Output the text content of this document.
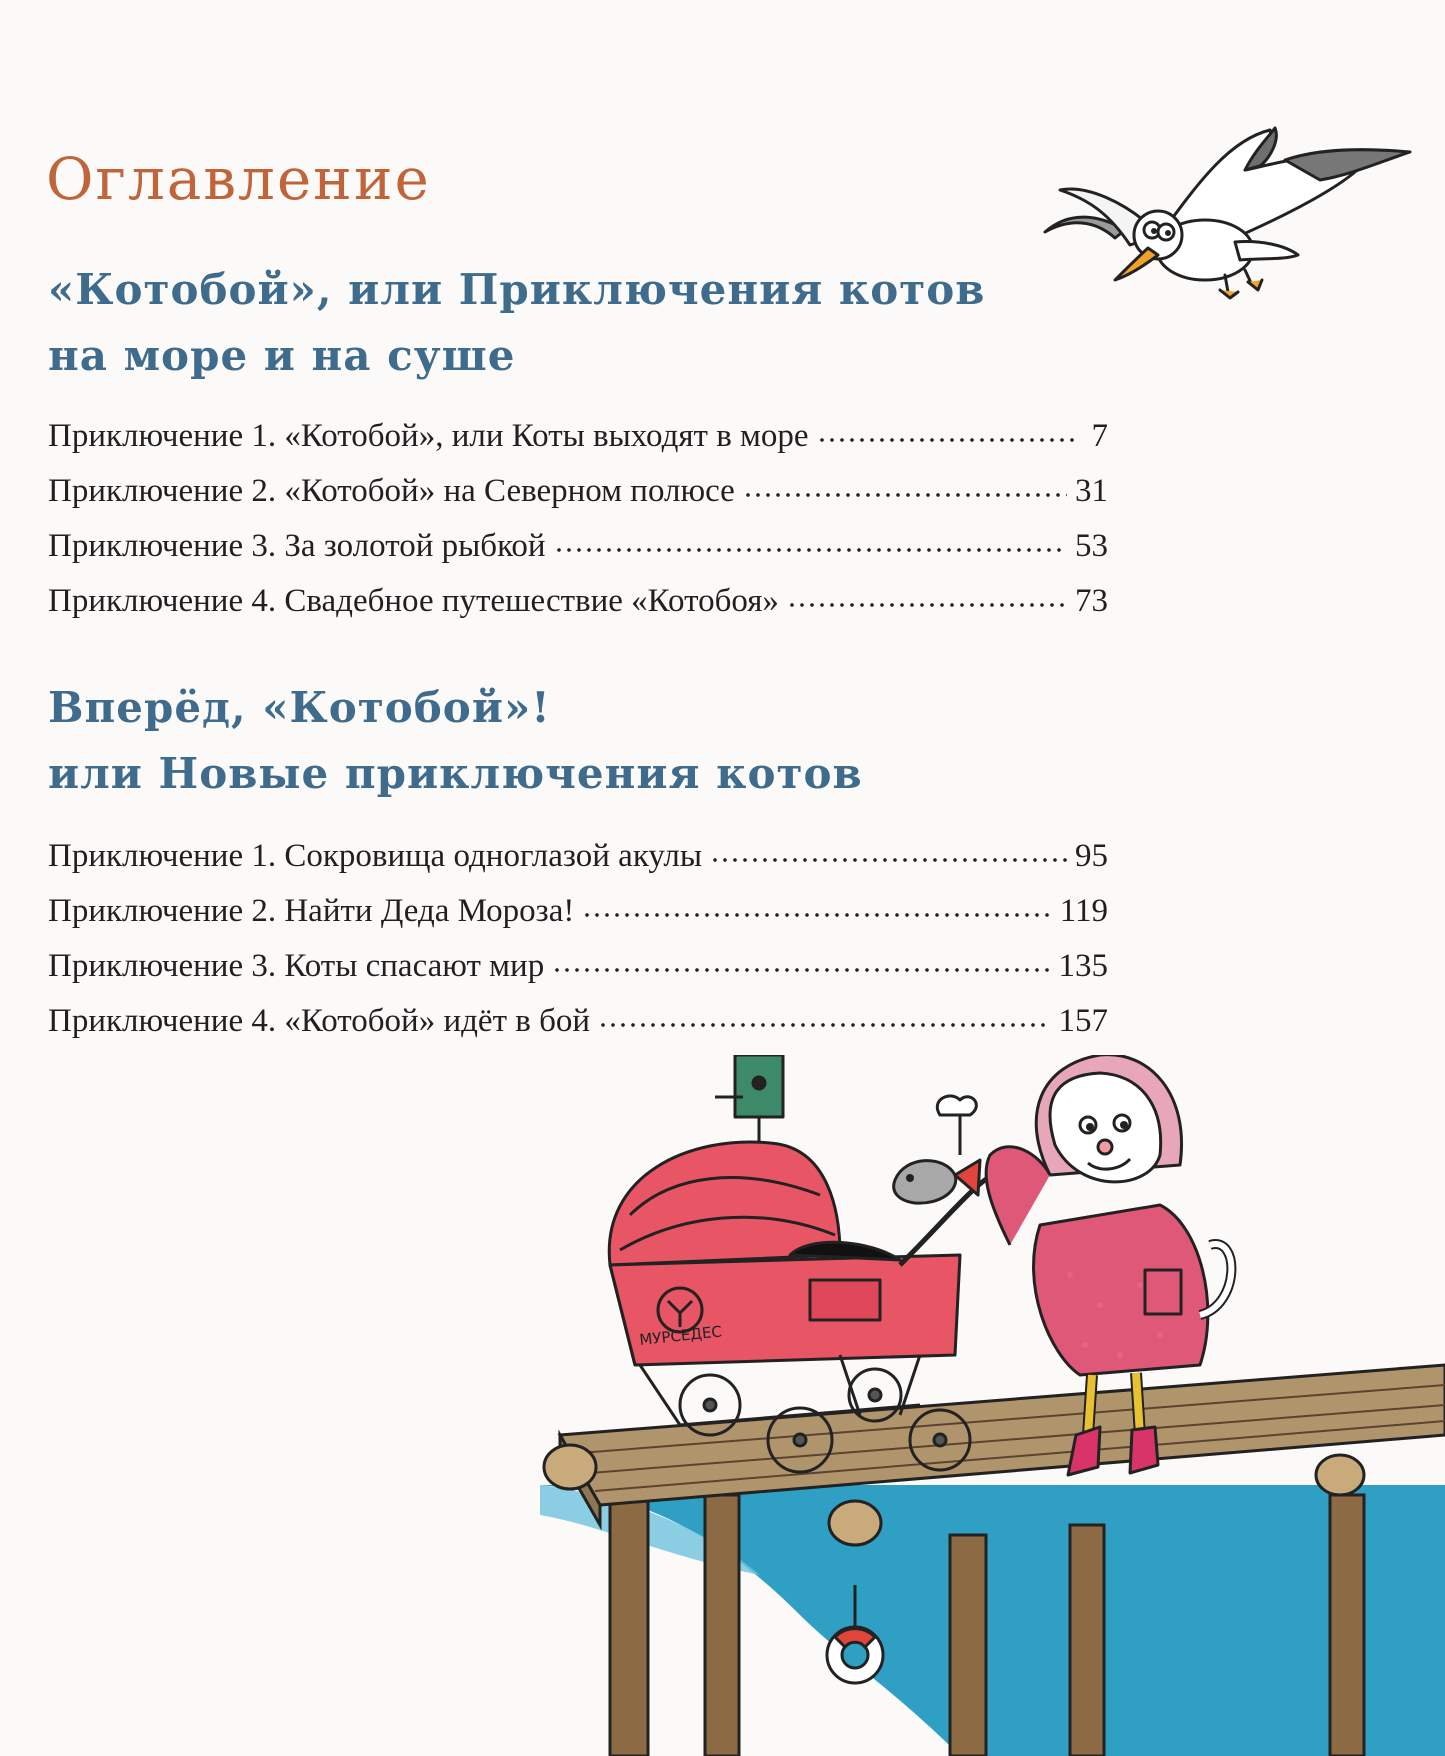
Оглавление
«Котобой», или Приключения котов
на море и на суше
Приключение 1. «Котобой», или Коты выходят в море	7
Приключение 2. «Котобой» на Северном полюсе	31
Приключение 3. За золотой рыбкой	53
Приключение 4. Свадебное путешествие «Котобоя»	73
Вперёд, «Котобой»!
или Новые приключения котов
Приключение 1. Сокровища одноглазой акулы	95
Приключение 2. Найти Деда Мороза!	119
Приключение 3. Коты спасают мир	135
Приключение 4. «Котобой» идёт в бой	157
МУРСЕДЕС
